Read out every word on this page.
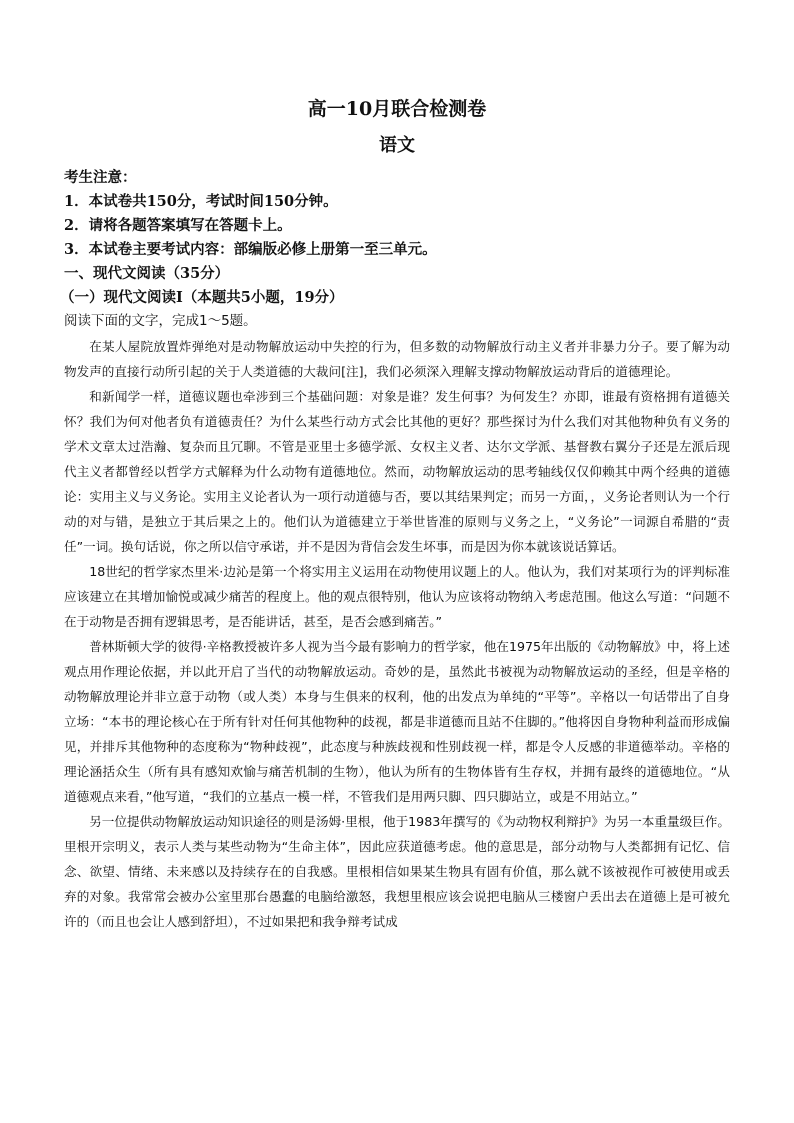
高一10月联合检测卷
语文

考生注意：

1．本试卷共150分，考试时间150分钟。

2．请将各题答案填写在答题卡上。

3．本试卷主要考试内容：部编版必修上册第一至三单元。

一、现代文阅读（35分）

（一）现代文阅读Ⅰ（本题共5小题，19分）

阅读下面的文字，完成1～5题。

在某人屋院放置炸弹绝对是动物解放运动中失控的行为，但多数的动物解放行动主义者并非暴力分子。要了解为动物发声的直接行动所引起的关于人类道德的大裁问[注]，我们必须深入理解支撑动物解放运动背后的道德理论。

和新闻学一样，道德议题也牵涉到三个基础问题：对象是谁？发生何事？为何发生？亦即，谁最有资格拥有道德关怀？我们为何对他者负有道德责任？为什么某些行动方式会比其他的更好？那些探讨为什么我们对其他物种负有义务的学术文章太过浩瀚、复杂而且冗聊。不管是亚里士多德学派、女权主义者、达尔文学派、基督教右翼分子还是左派后现代主义者都曾经以哲学方式解释为什么动物有道德地位。然而，动物解放运动的思考轴线仅仅仰赖其中两个经典的道德论：实用主义与义务论。实用主义论者认为一项行动道德与否，要以其结果判定；而另一方面，，义务论者则认为一个行动的对与错，是独立于其后果之上的。他们认为道德建立于举世皆准的原则与义务之上，“义务论”一词源自希腊的“责任”一词。换句话说，你之所以信守承诺，并不是因为背信会发生坏事，而是因为你本就该说话算话。

18世纪的哲学家杰里米·边沁是第一个将实用主义运用在动物使用议题上的人。他认为，我们对某项行为的评判标准应该建立在其增加愉悦或减少痛苦的程度上。他的观点很特别，他认为应该将动物纳入考虑范围。他这么写道：“问题不在于动物是否拥有逻辑思考，是否能讲话，甚至，是否会感到痛苦。”

普林斯顿大学的彼得·辛格教授被许多人视为当今最有影响力的哲学家，他在1975年出版的《动物解放》中，将上述观点用作理论依据，并以此开启了当代的动物解放运动。奇妙的是，虽然此书被视为动物解放运动的圣经，但是辛格的动物解放理论并非立意于动物（或人类）本身与生俱来的权利，他的出发点为单纯的“平等”。辛格以一句话带出了自身立场：“本书的理论核心在于所有针对任何其他物种的歧视，都是非道德而且站不住脚的。”他将因自身物种利益而形成偏见，并排斥其他物种的态度称为“物种歧视”，此态度与种族歧视和性别歧视一样，都是令人反感的非道德举动。辛格的理论涵括众生（所有具有感知欢愉与痛苦机制的生物），他认为所有的生物体皆有生存权，并拥有最终的道德地位。“从道德观点来看，”他写道，“我们的立基点一模一样，不管我们是用两只脚、四只脚站立，或是不用站立。”

另一位提供动物解放运动知识途径的则是汤姆·里根，他于1983年撰写的《为动物权利辩护》为另一本重量级巨作。里根开宗明义，表示人类与某些动物为“生命主体”，因此应获道德考虑。他的意思是，部分动物与人类都拥有记忆、信念、欲望、情绪、未来感以及持续存在的自我感。里根相信如果某生物具有固有价值，那么就不该被视作可被使用或丢弃的对象。我常常会被办公室里那台愚蠢的电脑给激怒，我想里根应该会说把电脑从三楼窗户丢出去在道德上是可被允许的（而且也会让人感到舒坦），不过如果把和我争辩考试成
